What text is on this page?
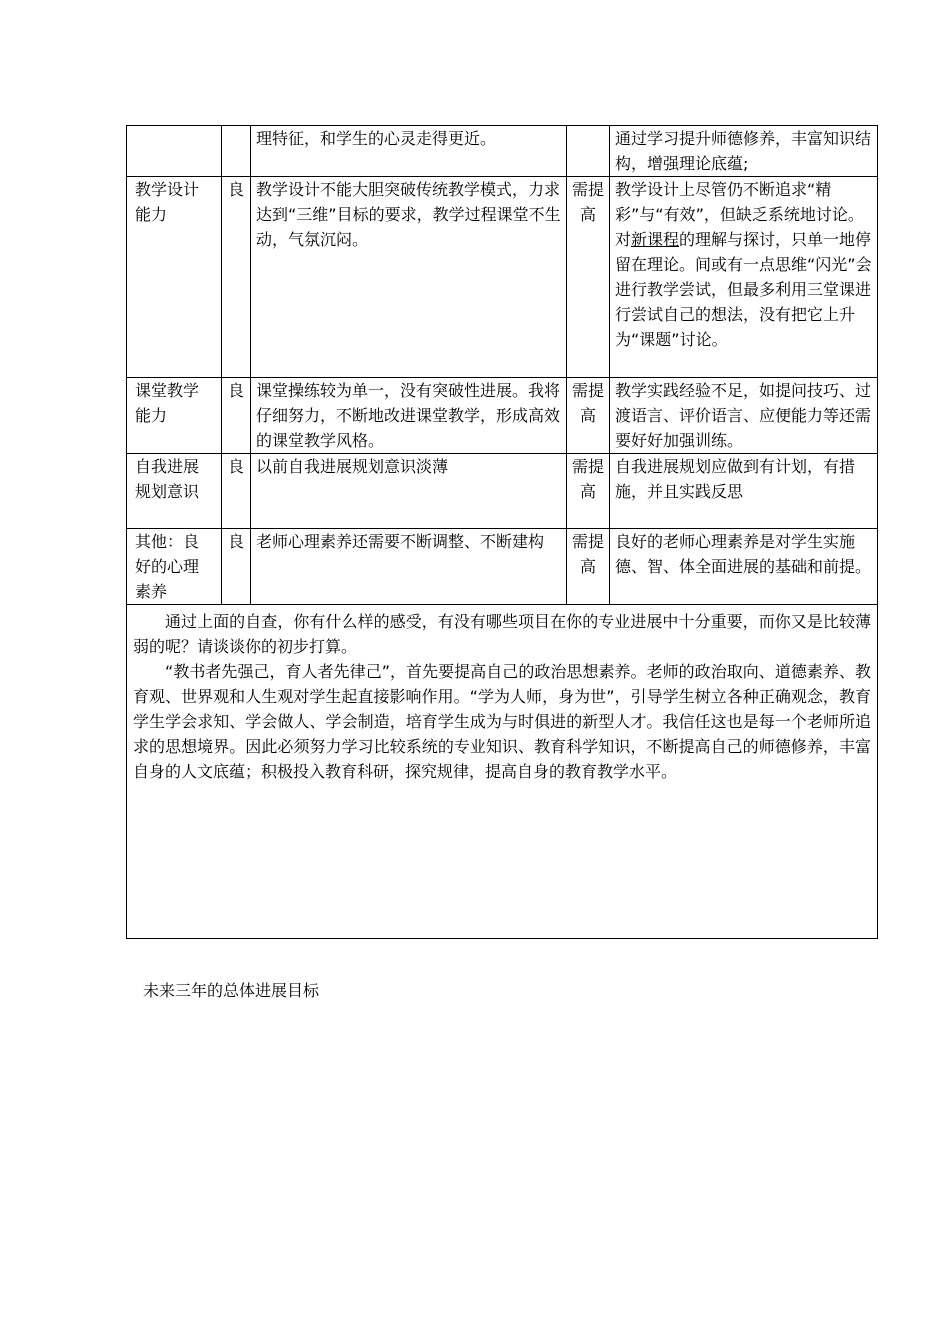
		理特征，和学生的心灵走得更近。		通过学习提升师德修养，丰富知识结构，增强理论底蕴;
教学设计能力	良	教学设计不能大胆突破传统教学模式，力求达到“三维”目标的要求，教学过程课堂不生动，气氛沉闷。	需提高	教学设计上尽管仍不断追求“精彩”与“有效”，但缺乏系统地讨论。对新课程的理解与探讨，只单一地停留在理论。间或有一点思维“闪光”会进行教学尝试，但最多利用三堂课进行尝试自己的想法，没有把它上升为“课题”讨论。
课堂教学能力	良	课堂操练较为单一，没有突破性进展。我将仔细努力，不断地改进课堂教学，形成高效的课堂教学风格。	需提高	教学实践经验不足，如提问技巧、过渡语言、评价语言、应便能力等还需要好好加强训练。
自我进展规划意识	良	以前自我进展规划意识淡薄	需提高	自我进展规划应做到有计划，有措施，并且实践反思
其他：良好的心理素养	良	老师心理素养还需要不断调整、不断建构	需提高	良好的老师心理素养是对学生实施德、智、体全面进展的基础和前提。

通过上面的自查，你有什么样的感受，有没有哪些项目在你的专业进展中十分重要，而你又是比较薄弱的呢？请谈谈你的初步打算。

“教书者先强己，育人者先律己”，首先要提高自己的政治思想素养。老师的政治取向、道德素养、教育观、世界观和人生观对学生起直接影响作用。“学为人师，身为世”，引导学生树立各种正确观念，教育学生学会求知、学会做人、学会制造，培育学生成为与时俱进的新型人才。我信任这也是每一个老师所追求的思想境界。因此必须努力学习比较系统的专业知识、教育科学知识，不断提高自己的师德修养，丰富自身的人文底蕴；积极投入教育科研，探究规律，提高自身的教育教学水平。				

未来三年的总体进展目标
